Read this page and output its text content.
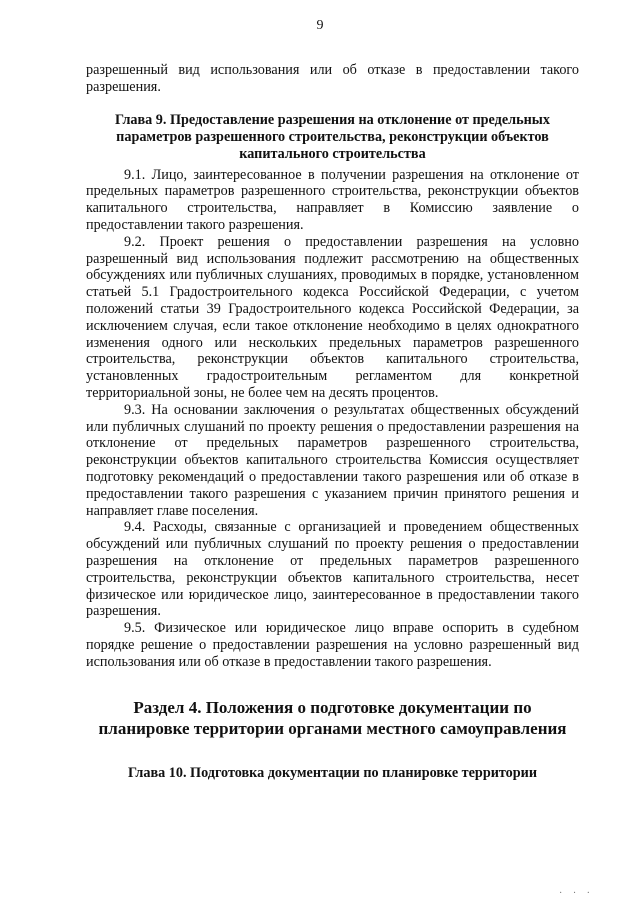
9

разрешенный вид использования или об отказе в предоставлении такого разрешения.

Глава 9. Предоставление разрешения на отклонение от предельных параметров разрешенного строительства, реконструкции объектов капитального строительства

9.1. Лицо, заинтересованное в получении разрешения на отклонение от предельных параметров разрешенного строительства, реконструкции объектов капитального строительства, направляет в Комиссию заявление о предоставлении такого разрешения.

9.2. Проект решения о предоставлении разрешения на условно разрешенный вид использования подлежит рассмотрению на общественных обсуждениях или публичных слушаниях, проводимых в порядке, установленном статьей 5.1 Градостроительного кодекса Российской Федерации, с учетом положений статьи 39 Градостроительного кодекса Российской Федерации, за исключением случая, если такое отклонение необходимо в целях однократного изменения одного или нескольких предельных параметров разрешенного строительства, реконструкции объектов капитального строительства, установленных градостроительным регламентом для конкретной территориальной зоны, не более чем на десять процентов.

9.3. На основании заключения о результатах общественных обсуждений или публичных слушаний по проекту решения о предоставлении разрешения на отклонение от предельных параметров разрешенного строительства, реконструкции объектов капитального строительства Комиссия осуществляет подготовку рекомендаций о предоставлении такого разрешения или об отказе в предоставлении такого разрешения с указанием причин принятого решения и направляет главе поселения.

9.4. Расходы, связанные с организацией и проведением общественных обсуждений или публичных слушаний по проекту решения о предоставлении разрешения на отклонение от предельных параметров разрешенного строительства, реконструкции объектов капитального строительства, несет физическое или юридическое лицо, заинтересованное в предоставлении такого разрешения.

9.5. Физическое или юридическое лицо вправе оспорить в судебном порядке решение о предоставлении разрешения на условно разрешенный вид использования или об отказе в предоставлении такого разрешения.

Раздел 4. Положения о подготовке документации по планировке территории органами местного самоуправления
Глава 10. Подготовка документации по планировке территории
· · ·
